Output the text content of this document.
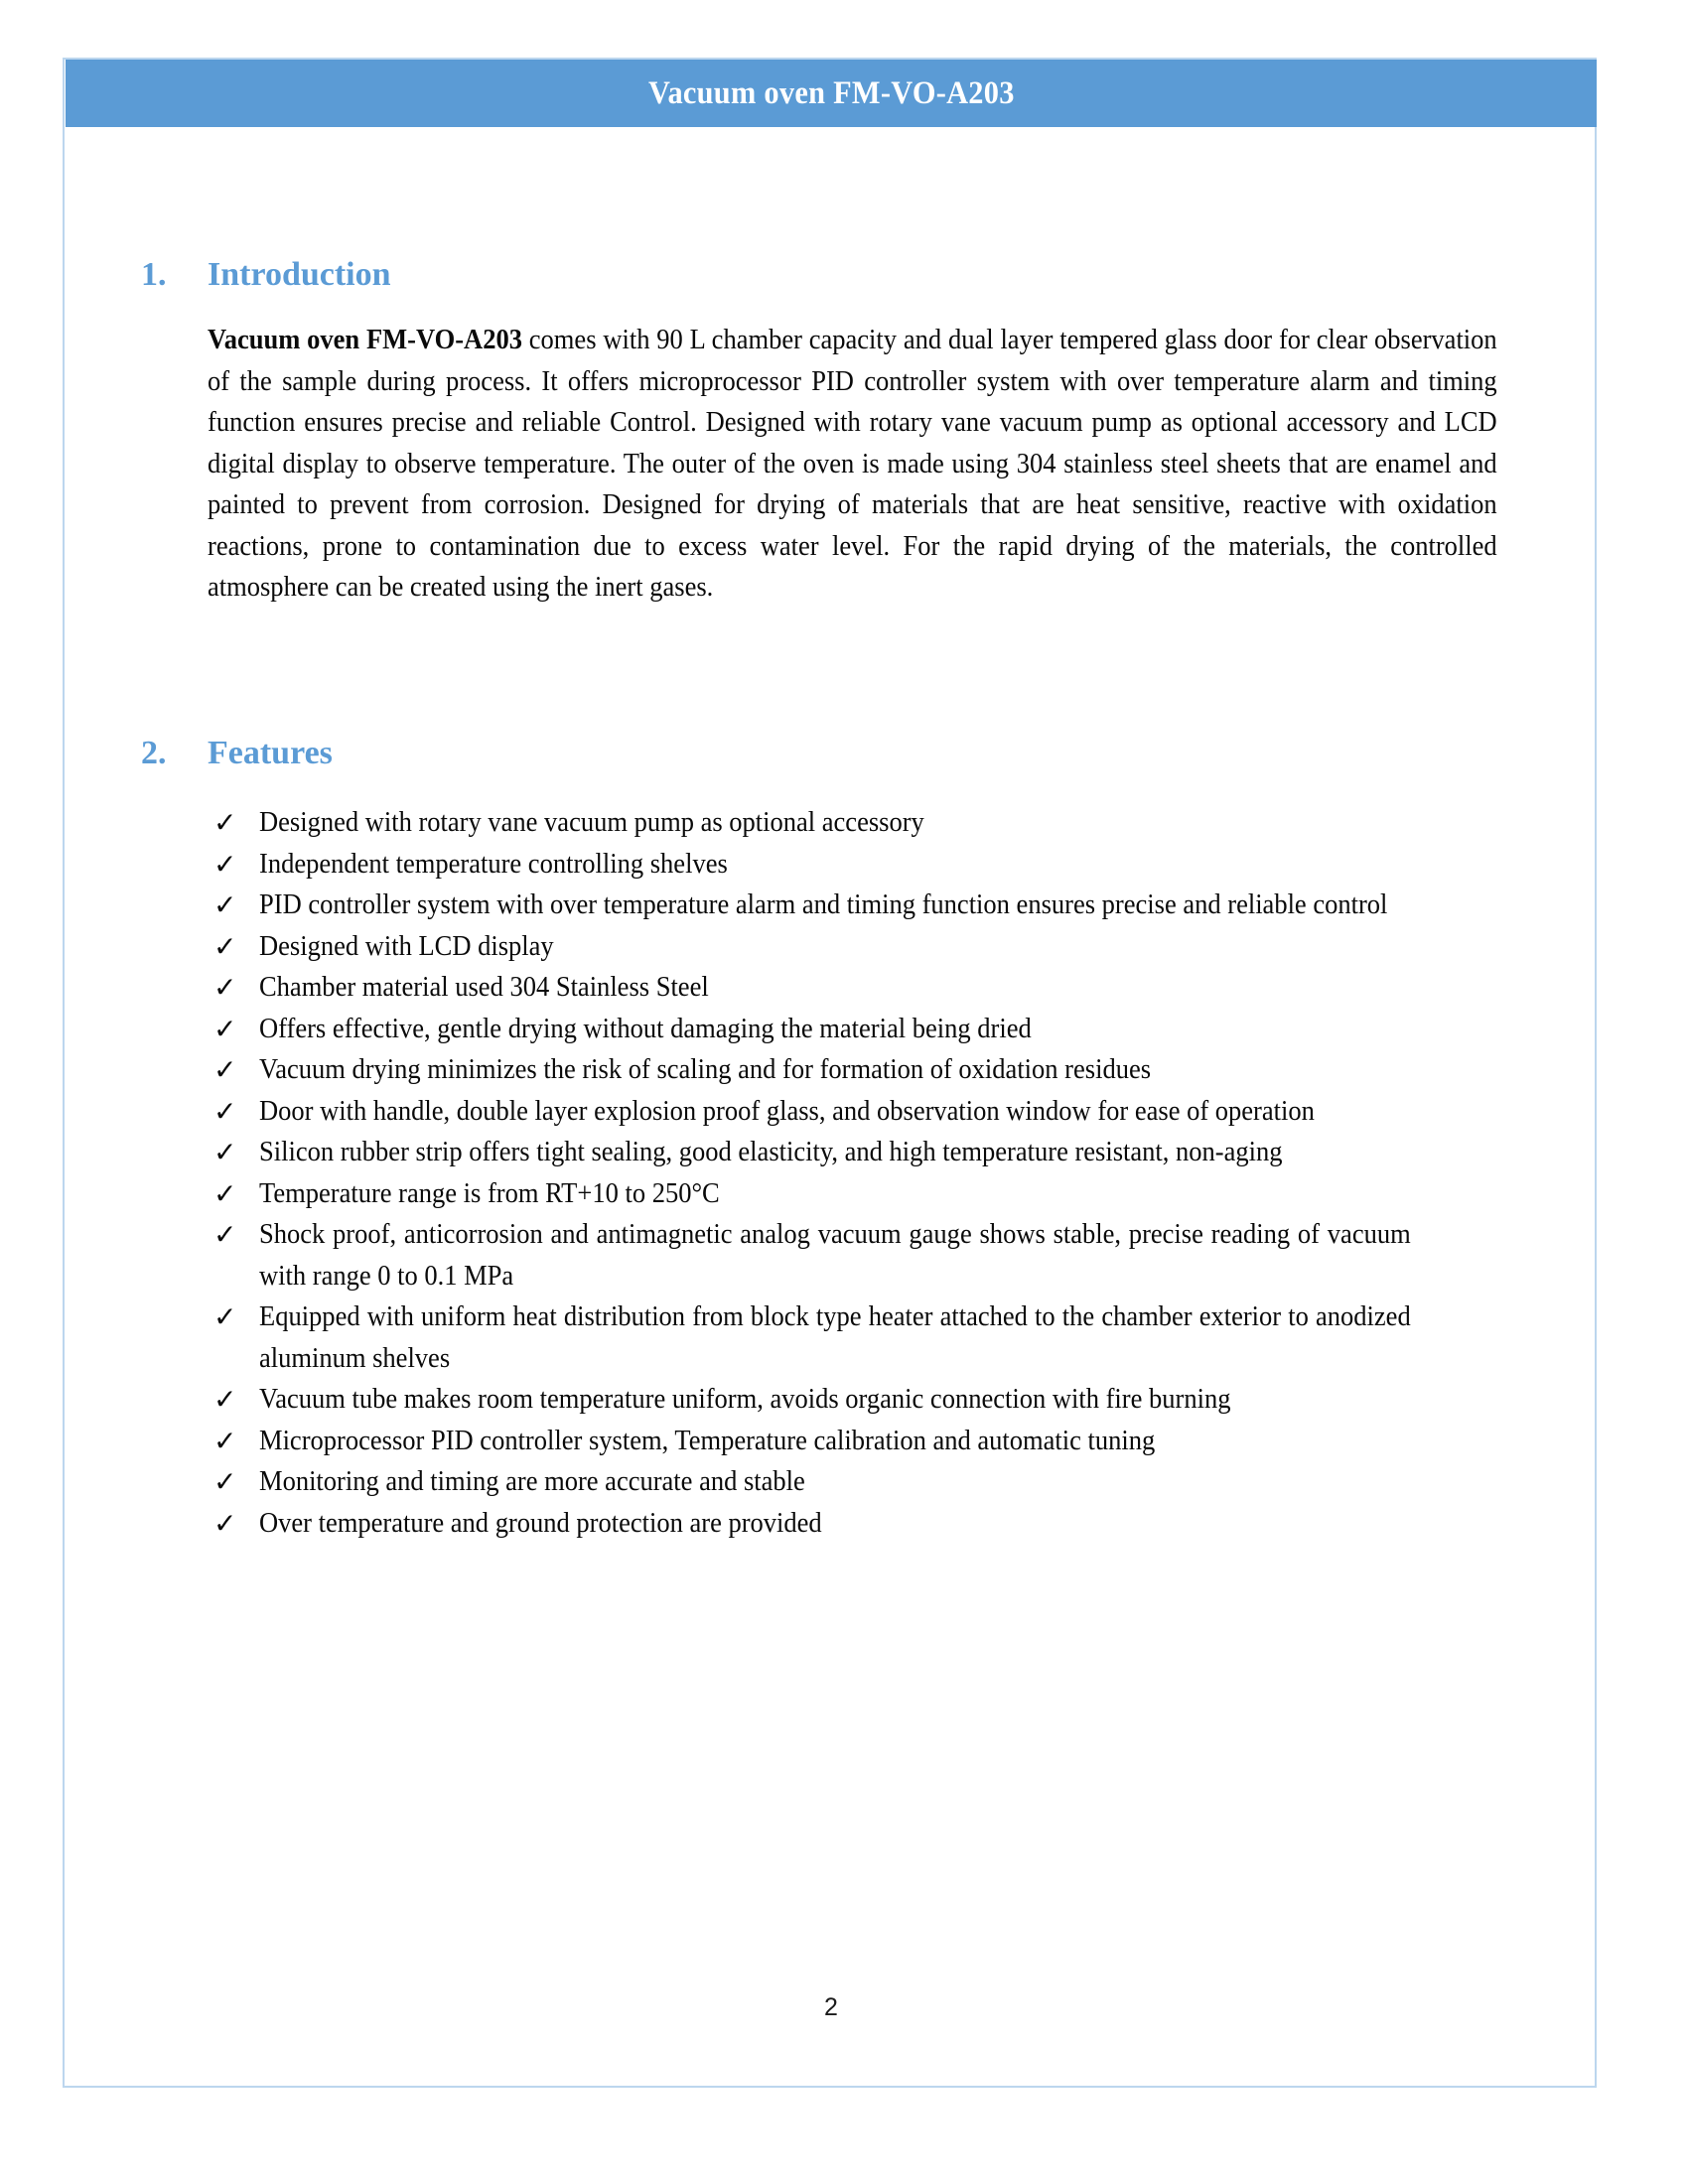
Vacuum oven FM-VO-A203
1.	Introduction

Vacuum oven FM-VO-A203 comes with 90 L chamber capacity and dual layer tempered glass door for clear observation of the sample during process. It offers microprocessor PID controller system with over temperature alarm and timing function ensures precise and reliable Control. Designed with rotary vane vacuum pump as optional accessory and LCD digital display to observe temperature. The outer of the oven is made using 304 stainless steel sheets that are enamel and painted to prevent from corrosion. Designed for drying of materials that are heat sensitive, reactive with oxidation reactions, prone to contamination due to excess water level. For the rapid drying of the materials, the controlled atmosphere can be created using the inert gases.

2.	Features
✓ Designed with rotary vane vacuum pump as optional accessory
✓ Independent temperature controlling shelves
✓ PID controller system with over temperature alarm and timing function ensures precise and reliable control
✓ Designed with LCD display
✓ Chamber material used 304 Stainless Steel
✓ Offers effective, gentle drying without damaging the material being dried
✓ Vacuum drying minimizes the risk of scaling and for formation of oxidation residues
✓ Door with handle, double layer explosion proof glass, and observation window for ease of operation
✓ Silicon rubber strip offers tight sealing, good elasticity, and high temperature resistant, non-aging
✓ Temperature range is from RT+10 to 250°C
✓ Shock proof, anticorrosion and antimagnetic analog vacuum gauge shows stable, precise reading of vacuum with range 0 to 0.1 MPa
✓ Equipped with uniform heat distribution from block type heater attached to the chamber exterior to anodized aluminum shelves
✓ Vacuum tube makes room temperature uniform, avoids organic connection with fire burning
✓ Microprocessor PID controller system, Temperature calibration and automatic tuning
✓ Monitoring and timing are more accurate and stable
✓ Over temperature and ground protection are provided
2
